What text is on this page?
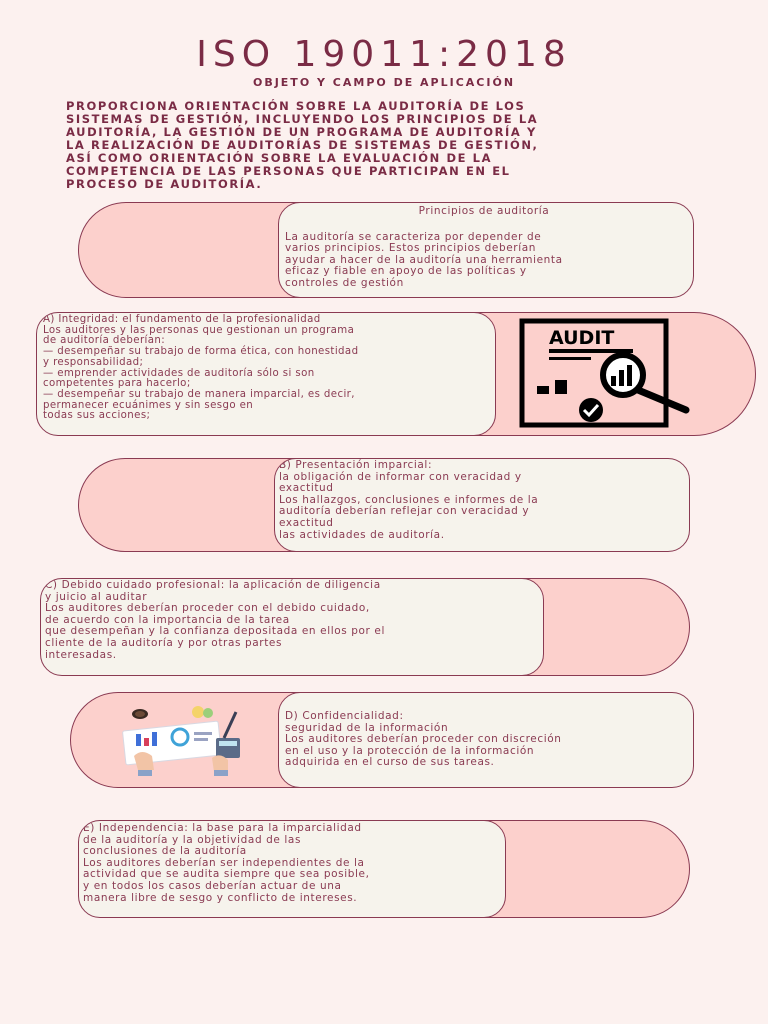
ISO 19011:2018
OBJETO Y CAMPO DE APLICACIÓN
PROPORCIONA ORIENTACIÓN SOBRE LA AUDITORÍA DE LOS
SISTEMAS DE GESTIÓN, INCLUYENDO LOS PRINCIPIOS DE LA
AUDITORÍA, LA GESTIÓN DE UN PROGRAMA DE AUDITORÍA Y
LA REALIZACIÓN DE AUDITORÍAS DE SISTEMAS DE GESTIÓN,
ASÍ COMO ORIENTACIÓN SOBRE LA EVALUACIÓN DE LA
COMPETENCIA DE LAS PERSONAS QUE PARTICIPAN EN EL
PROCESO DE AUDITORÍA.
Principios de auditoría
La auditoría se caracteriza por depender de
varios principios. Estos principios deberían
ayudar a hacer de la auditoría una herramienta
eficaz y fiable en apoyo de las políticas y
controles de gestión
A) Integridad: el fundamento de la profesionalidad
Los auditores y las personas que gestionan un programa
de auditoría deberían:
— desempeñar su trabajo de forma ética, con honestidad
y responsabilidad;
— emprender actividades de auditoría sólo si son
competentes para hacerlo;
— desempeñar su trabajo de manera imparcial, es decir,
permanecer ecuánimes y sin sesgo en
todas sus acciones;
AUDIT
B) Presentación imparcial:
la obligación de informar con veracidad y
exactitud
Los hallazgos, conclusiones e informes de la
auditoría deberían reflejar con veracidad y
exactitud
las actividades de auditoría.
C) Debido cuidado profesional: la aplicación de diligencia
y juicio al auditar
Los auditores deberían proceder con el debido cuidado,
de acuerdo con la importancia de la tarea
que desempeñan y la confianza depositada en ellos por el
cliente de la auditoría y por otras partes
interesadas.
D) Confidencialidad:
seguridad de la información
Los auditores deberían proceder con discreción
en el uso y la protección de la información
adquirida en el curso de sus tareas.
E) Independencia: la base para la imparcialidad
de la auditoría y la objetividad de las
conclusiones de la auditoría
Los auditores deberían ser independientes de la
actividad que se audita siempre que sea posible,
y en todos los casos deberían actuar de una
manera libre de sesgo y conflicto de intereses.
